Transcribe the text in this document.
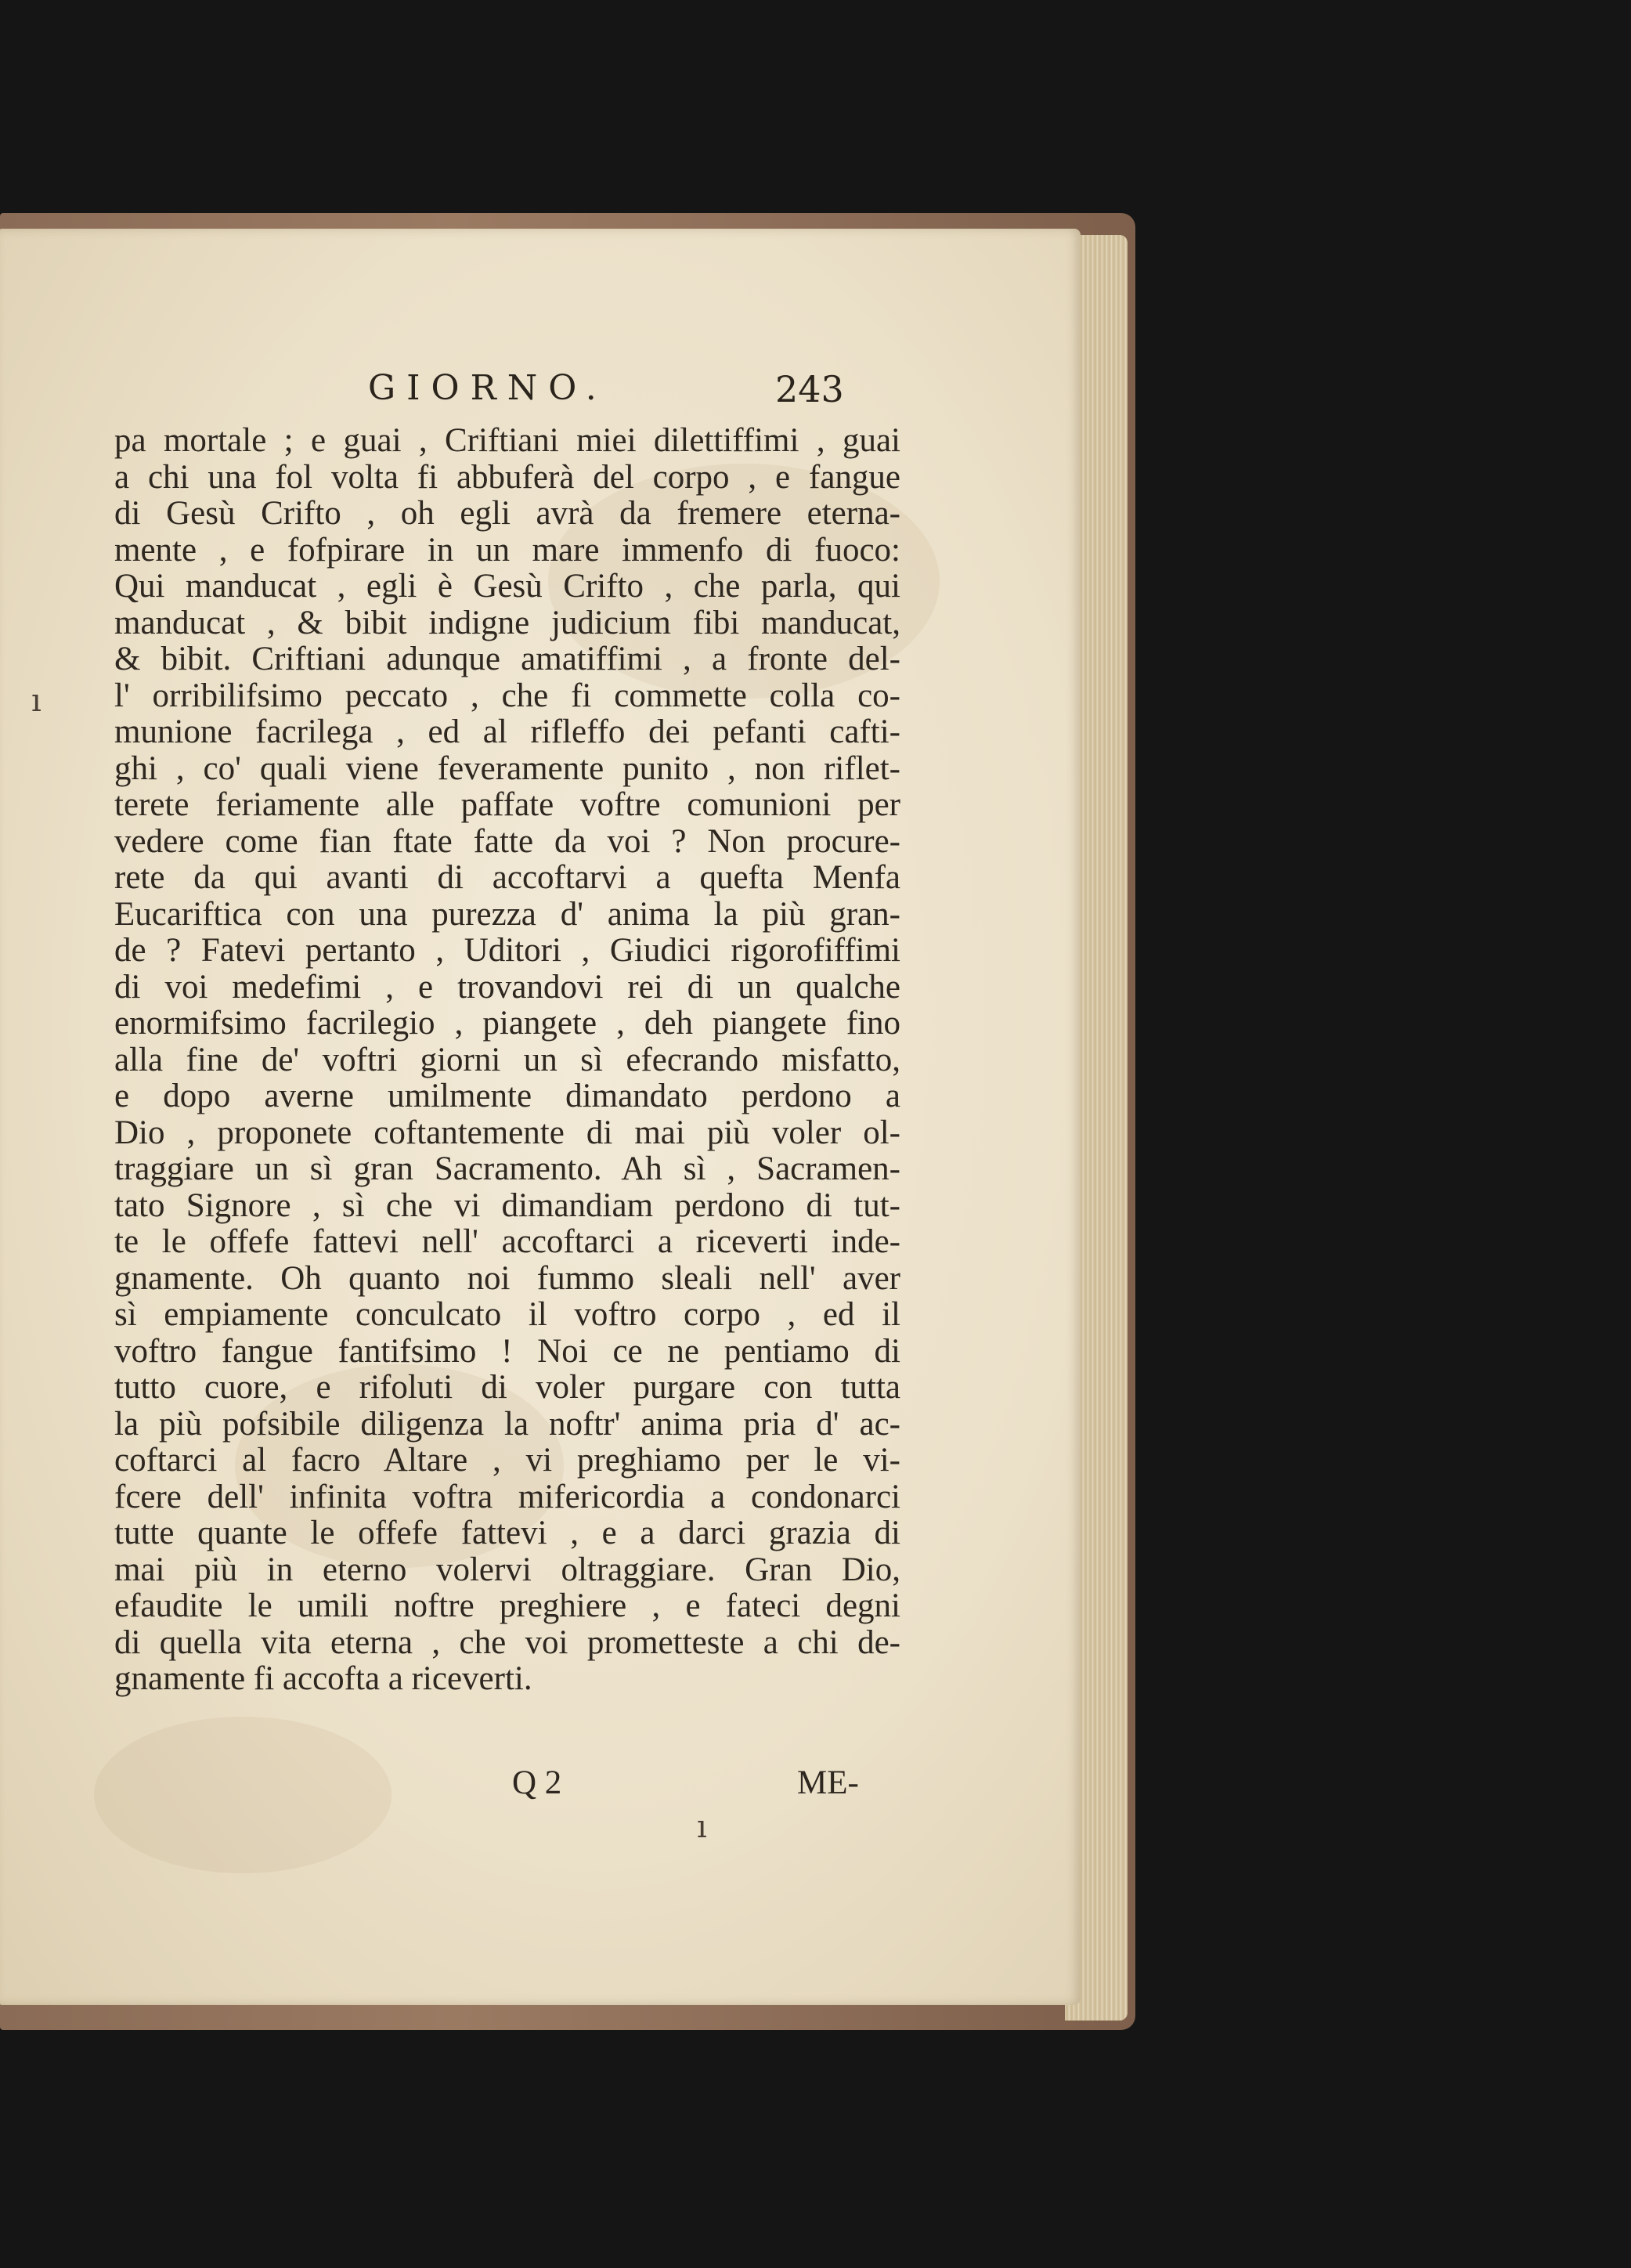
GIORNO.	243
pa mortale ; e guai , Criftiani miei dilettiffimi , guai
a chi una fol volta fi abbuferà del corpo , e fangue
di Gesù Crifto , oh egli avrà da fremere eterna-
mente , e fofpirare in un mare immenfo di fuoco:
Qui manducat , egli è Gesù Crifto , che parla, qui
manducat , & bibit indigne judicium fibi manducat,
& bibit. Criftiani adunque amatiffimi , a fronte del-
l' orribilifsimo peccato , che fi commette colla co-
munione facrilega , ed al rifleffo dei pefanti cafti-
ghi , co' quali viene feveramente punito , non riflet-
terete feriamente alle paffate voftre comunioni per
vedere come fian ftate fatte da voi ? Non procure-
rete da qui avanti di accoftarvi a quefta Menfa
Eucariftica con una purezza d' anima la più gran-
de ? Fatevi pertanto , Uditori , Giudici rigorofiffimi
di voi medefimi , e trovandovi rei di un qualche
enormifsimo facrilegio , piangete , deh piangete fino
alla fine de' voftri giorni un sì efecrando misfatto,
e dopo averne umilmente dimandato perdono a
Dio , proponete coftantemente di mai più voler ol-
traggiare un sì gran Sacramento. Ah sì , Sacramen-
tato Signore , sì che vi dimandiam perdono di tut-
te le offefe fattevi nell' accoftarci a riceverti inde-
gnamente. Oh quanto noi fummo sleali nell' aver
sì empiamente conculcato il voftro corpo , ed il
voftro fangue fantifsimo ! Noi ce ne pentiamo di
tutto cuore, e rifoluti di voler purgare con tutta
la più pofsibile diligenza la noftr' anima pria d' ac-
coftarci al facro Altare , vi preghiamo per le vi-
fcere dell' infinita voftra mifericordia a condonarci
tutte quante le offefe fattevi , e a darci grazia di
mai più in eterno volervi oltraggiare. Gran Dio,
efaudite le umili noftre preghiere , e fateci degni
di quella vita eterna , che voi prometteste a chi de-
gnamente fi accofta a riceverti.
Q 2	ME-
ı
ı
